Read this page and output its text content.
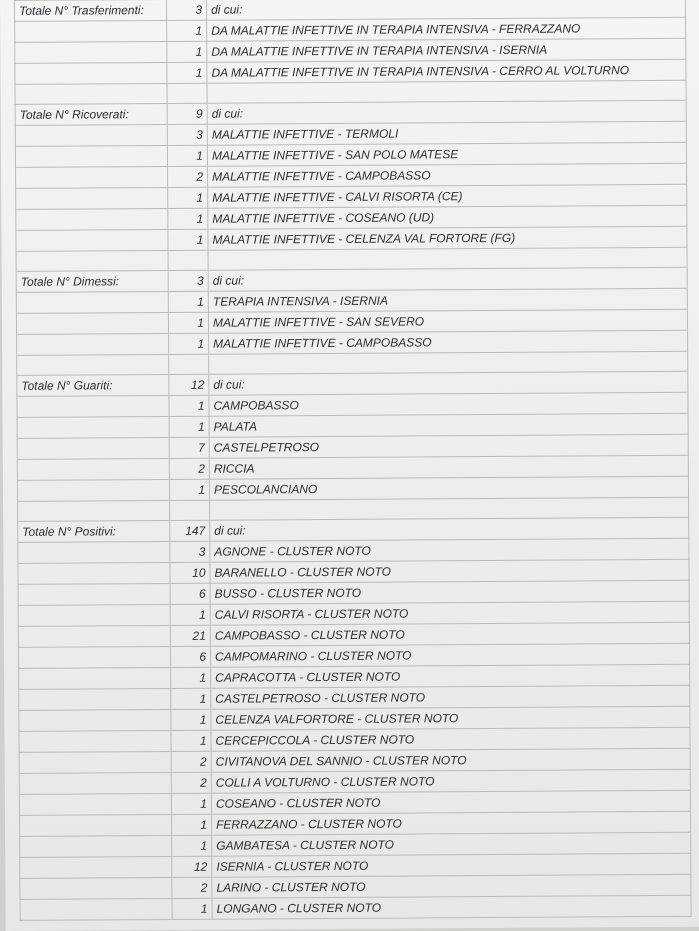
Totale N° Trasferimenti:	3	di cui:
	1	DA MALATTIE INFETTIVE IN TERAPIA INTENSIVA - FERRAZZANO
	1	DA MALATTIE INFETTIVE IN TERAPIA INTENSIVA - ISERNIA
	1	DA MALATTIE INFETTIVE IN TERAPIA INTENSIVA - CERRO AL VOLTURNO

Totale N° Ricoverati:	9	di cui:
	3	MALATTIE INFETTIVE - TERMOLI
	1	MALATTIE INFETTIVE - SAN POLO MATESE
	2	MALATTIE INFETTIVE - CAMPOBASSO
	1	MALATTIE INFETTIVE - CALVI RISORTA (CE)
	1	MALATTIE INFETTIVE - COSEANO (UD)
	1	MALATTIE INFETTIVE - CELENZA VAL FORTORE (FG)

Totale N° Dimessi:	3	di cui:
	1	TERAPIA INTENSIVA - ISERNIA
	1	MALATTIE INFETTIVE - SAN SEVERO
	1	MALATTIE INFETTIVE - CAMPOBASSO

Totale N° Guariti:	12	di cui:
	1	CAMPOBASSO
	1	PALATA
	7	CASTELPETROSO
	2	RICCIA
	1	PESCOLANCIANO

Totale N° Positivi:	147	di cui:
	3	AGNONE - CLUSTER NOTO
	10	BARANELLO - CLUSTER NOTO
	6	BUSSO - CLUSTER NOTO
	1	CALVI RISORTA - CLUSTER NOTO
	21	CAMPOBASSO - CLUSTER NOTO
	6	CAMPOMARINO - CLUSTER NOTO
	1	CAPRACOTTA - CLUSTER NOTO
	1	CASTELPETROSO - CLUSTER NOTO
	1	CELENZA VALFORTORE - CLUSTER NOTO
	1	CERCEPICCOLA - CLUSTER NOTO
	2	CIVITANOVA DEL SANNIO - CLUSTER NOTO
	2	COLLI A VOLTURNO - CLUSTER NOTO
	1	COSEANO - CLUSTER NOTO
	1	FERRAZZANO - CLUSTER NOTO
	1	GAMBATESA - CLUSTER NOTO
	12	ISERNIA - CLUSTER NOTO
	2	LARINO - CLUSTER NOTO
	1	LONGANO - CLUSTER NOTO
